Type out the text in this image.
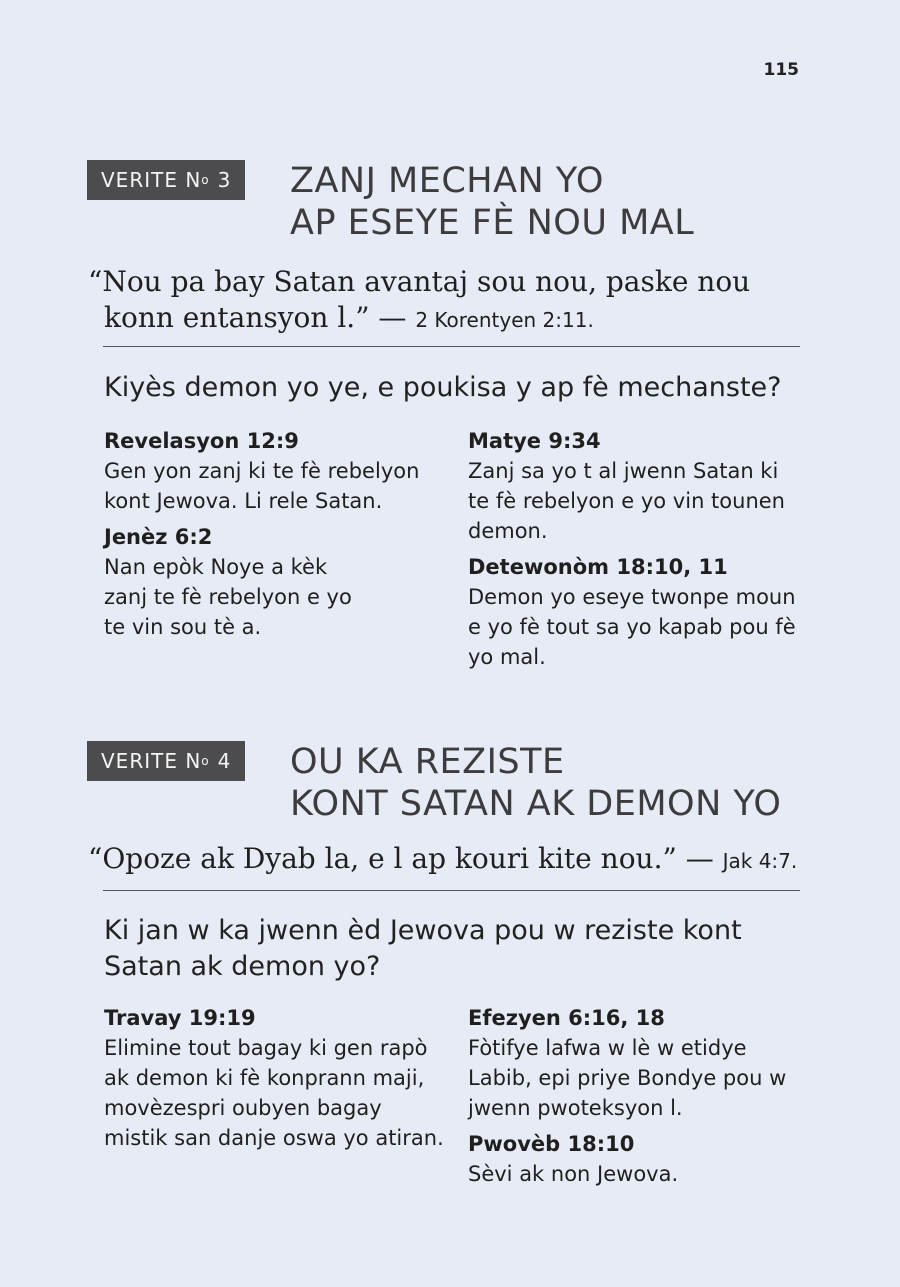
115
VERITE N o 3 ZANJ MECHAN YO
AP ESEYE FÈ NOU MAL
“Nou pa bay Satan avantaj sou nou, paske nou konn entansyon l.” — 2 Korentyen 2:11.
Kiyès demon yo ye, e poukisa y ap fè mechanste?
Revelasyon 12:9
Gen yon zanj ki te fè rebelyon kont Jewova. Li rele Satan.
Jenèz 6:2
Nan epòk Noye a kèk zanj te fè rebelyon e yo te vin sou tè a.
Matye 9:34
Zanj sa yo t al jwenn Satan ki te fè rebelyon e yo vin tounen demon.
Detewonòm 18:10, 11
Demon yo eseye twonpe moun e yo fè tout sa yo kapab pou fè yo mal.
VERITE N o 4 OU KA REZISTE
KONT SATAN AK DEMON YO
“Opoze ak Dyab la, e l ap kouri kite nou.” — Jak 4:7.
Ki jan w ka jwenn èd Jewova pou w reziste kont Satan ak demon yo?
Travay 19:19
Elimine tout bagay ki gen rapò ak demon ki fè konprann maji, movèzespri oubyen bagay mistik san danje oswa yo atiran.
Efezyen 6:16, 18
Fòtifye lafwa w lè w etidye Labib, epi priye Bondye pou w jwenn pwoteksyon l.
Pwovèb 18:10
Sèvi ak non Jewova.
